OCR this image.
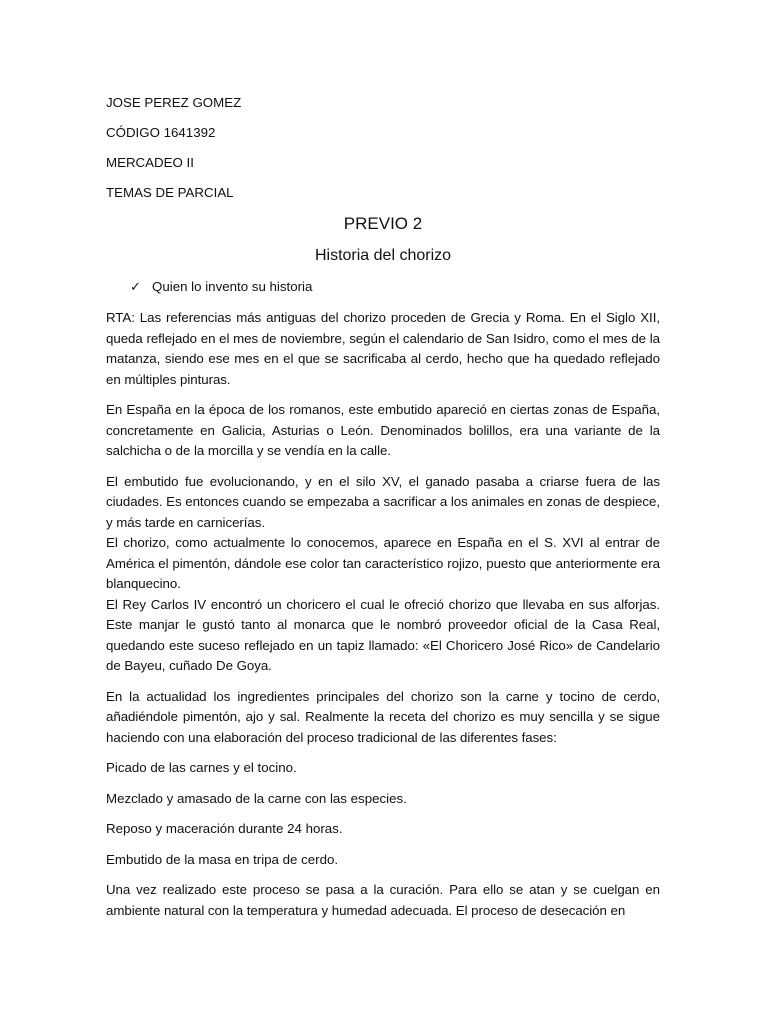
JOSE PEREZ GOMEZ
CÓDIGO 1641392
MERCADEO II
TEMAS DE PARCIAL
PREVIO 2
Historia del chorizo
✓ Quien lo invento su historia

RTA: Las referencias más antiguas del chorizo proceden de Grecia y Roma. En el Siglo XII, queda reflejado en el mes de noviembre, según el calendario de San Isidro, como el mes de la matanza, siendo ese mes en el que se sacrificaba al cerdo, hecho que ha quedado reflejado en múltiples pinturas.

En España en la época de los romanos, este embutido apareció en ciertas zonas de España, concretamente en Galicia, Asturias o León. Denominados bolillos, era una variante de la salchicha o de la morcilla y se vendía en la calle.

El embutido fue evolucionando, y en el silo XV, el ganado pasaba a criarse fuera de las ciudades. Es entonces cuando se empezaba a sacrificar a los animales en zonas de despiece, y más tarde en carnicerías.

El chorizo, como actualmente lo conocemos, aparece en España en el S. XVI al entrar de América el pimentón, dándole ese color tan característico rojizo, puesto que anteriormente era blanquecino.

El Rey Carlos IV encontró un choricero el cual le ofreció chorizo que llevaba en sus alforjas. Este manjar le gustó tanto al monarca que le nombró proveedor oficial de la Casa Real, quedando este suceso reflejado en un tapiz llamado: «El Choricero José Rico» de Candelario de Bayeu, cuñado De Goya.

En la actualidad los ingredientes principales del chorizo son la carne y tocino de cerdo, añadiéndole pimentón, ajo y sal. Realmente la receta del chorizo es muy sencilla y se sigue haciendo con una elaboración del proceso tradicional de las diferentes fases:

Picado de las carnes y el tocino.

Mezclado y amasado de la carne con las especies.

Reposo y maceración durante 24 horas.

Embutido de la masa en tripa de cerdo.

Una vez realizado este proceso se pasa a la curación. Para ello se atan y se cuelgan en ambiente natural con la temperatura y humedad adecuada. El proceso de desecación en
